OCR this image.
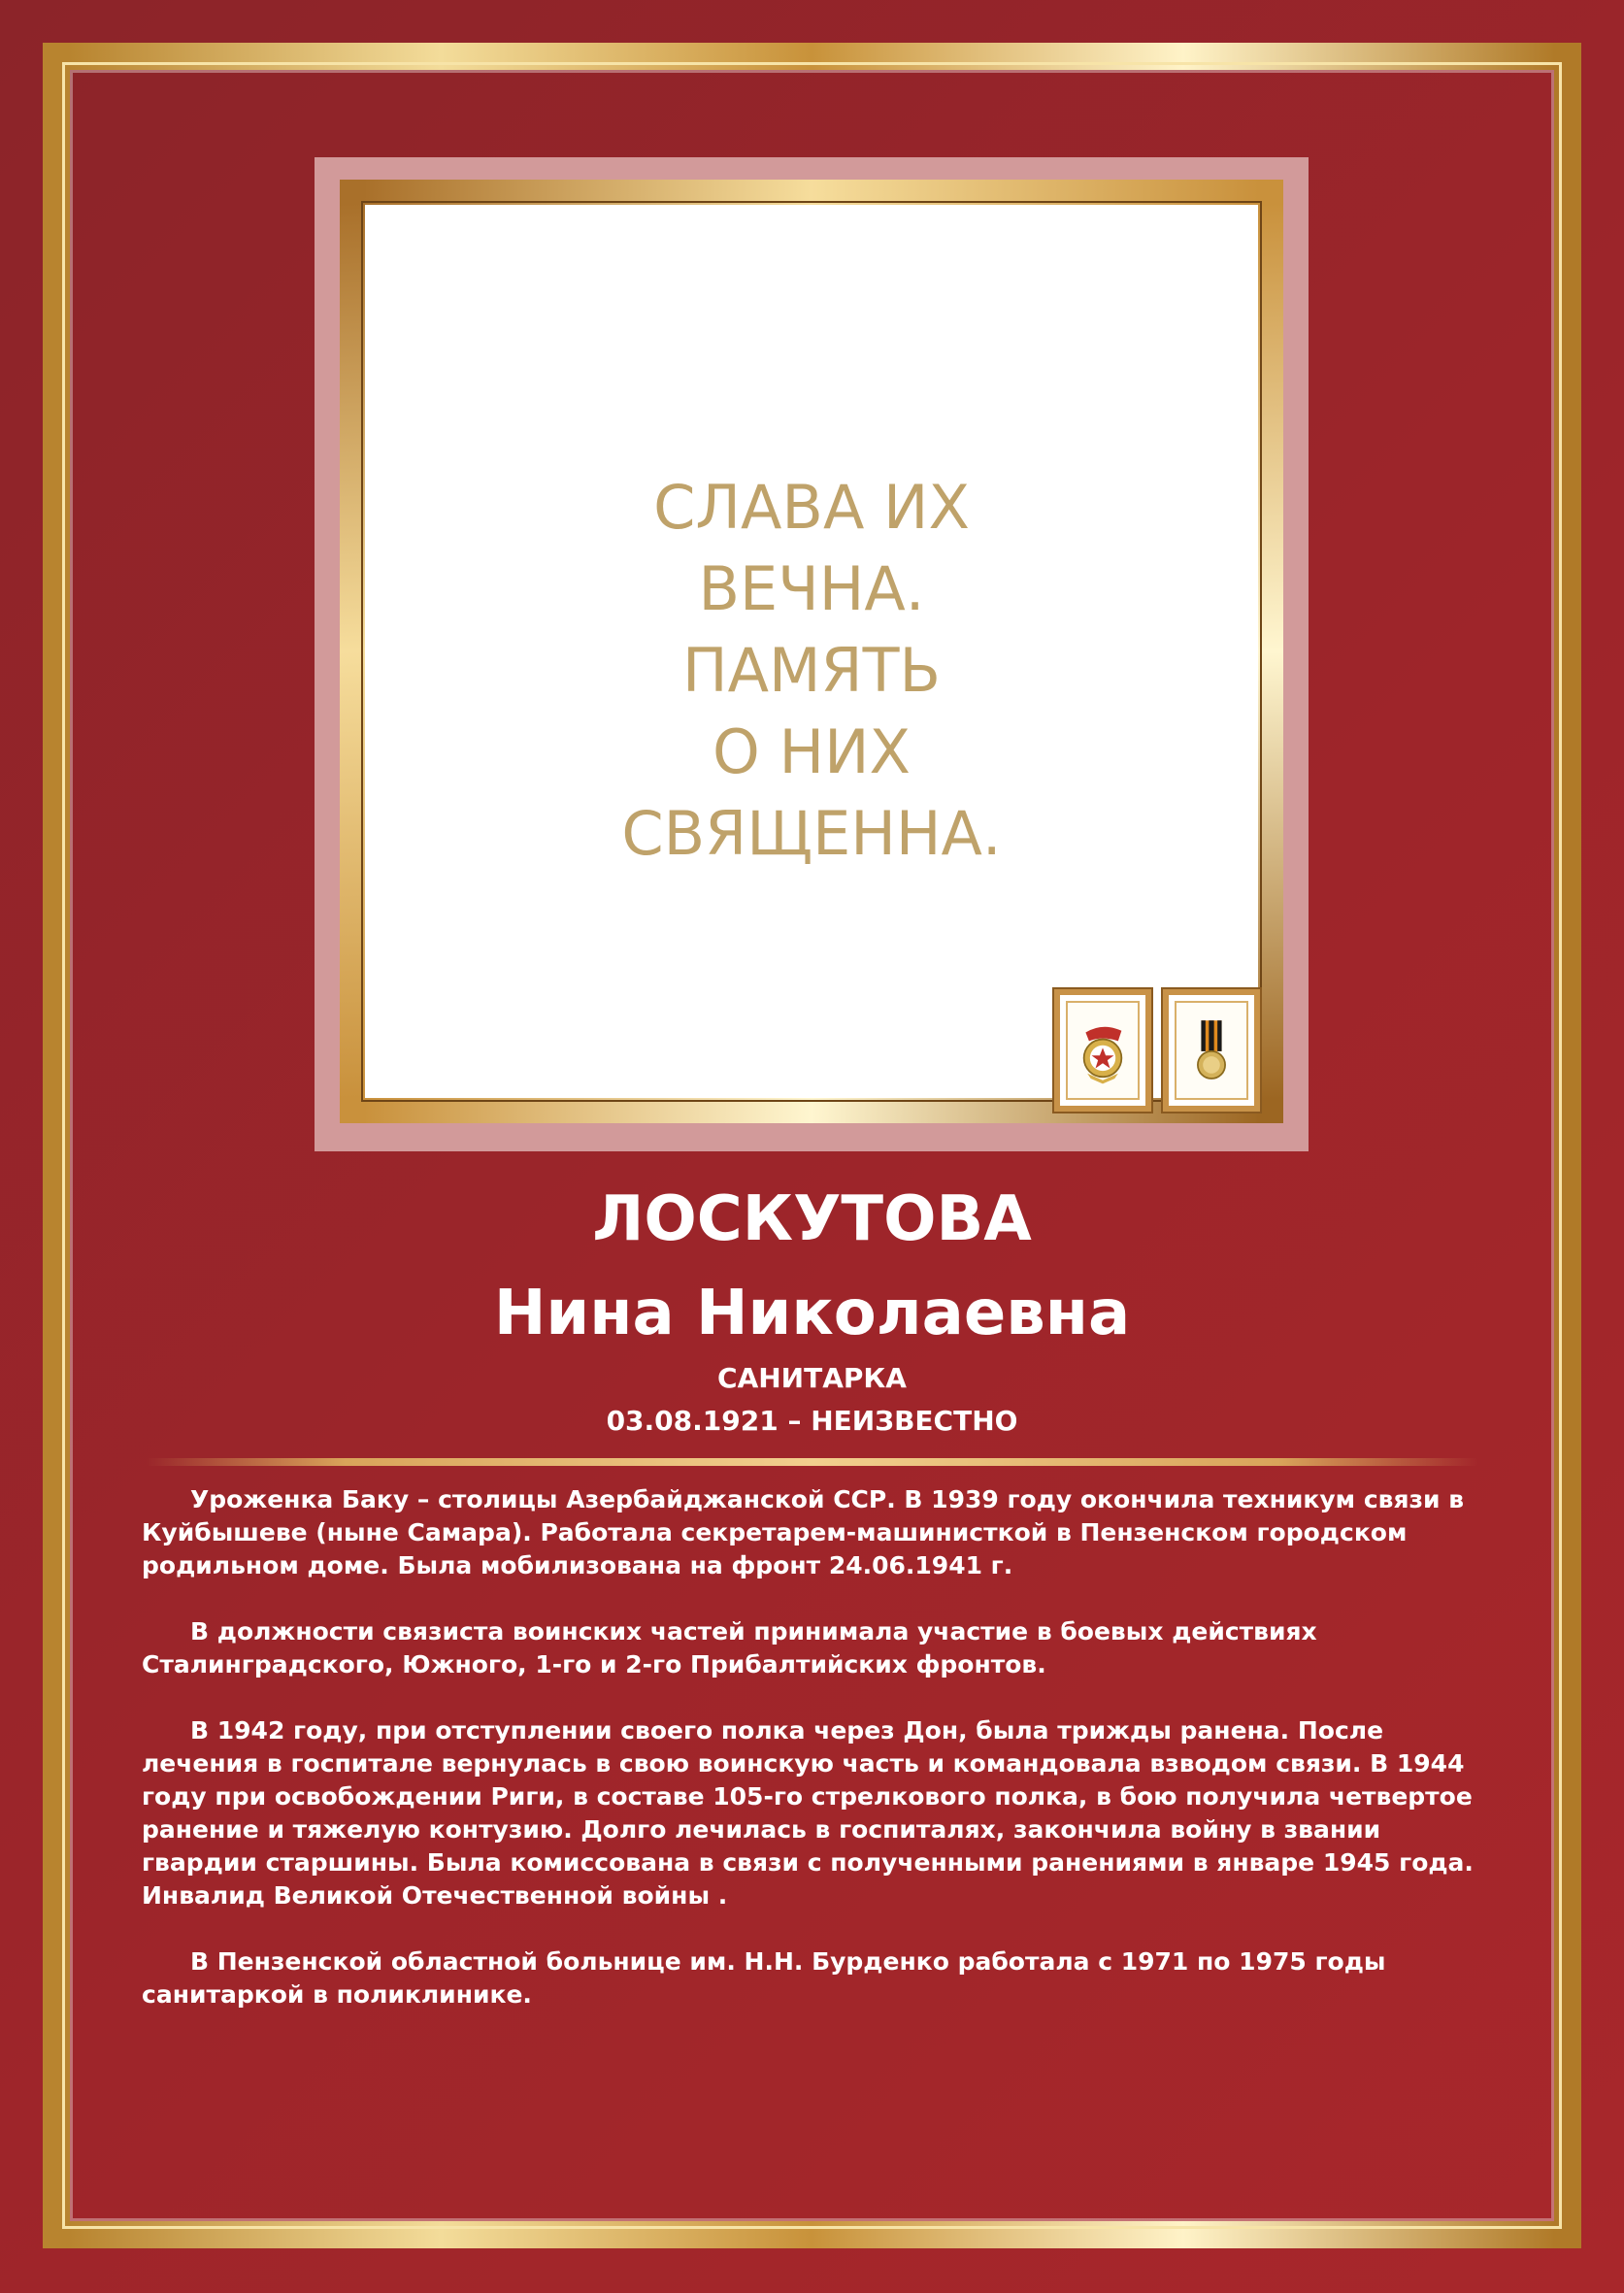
СЛАВА ИХ
ВЕЧНА.
ПАМЯТЬ
О НИХ
СВЯЩЕННА.
ЛОСКУТОВА
Нина Николаевна
САНИТАРКА
03.08.1921 – НЕИЗВЕСТНО

Уроженка Баку – столицы Азербайджанской ССР. В 1939 году окончила техникум связи в Куйбышеве (ныне Самара). Работала секретарем-машинисткой в Пензенском городском родильном доме. Была мобилизована на фронт 24.06.1941 г.

В должности связиста воинских частей принимала участие в боевых действиях Сталинградского, Южного, 1-го и 2-го Прибалтийских фронтов.

В 1942 году, при отступлении своего полка через Дон, была трижды ранена. После лечения в госпитале вернулась в свою воинскую часть и командовала взводом связи. В 1944 году при освобождении Риги, в составе 105-го стрелкового полка, в бою получила четвертое ранение и тяжелую контузию. Долго лечилась в госпиталях, закончила войну в звании гвардии старшины. Была комиссована в связи с полученными ранениями в январе 1945 года. Инвалид Великой Отечественной войны .

В Пензенской областной больнице им. Н.Н. Бурденко работала с 1971 по 1975 годы санитаркой в поликлинике.
